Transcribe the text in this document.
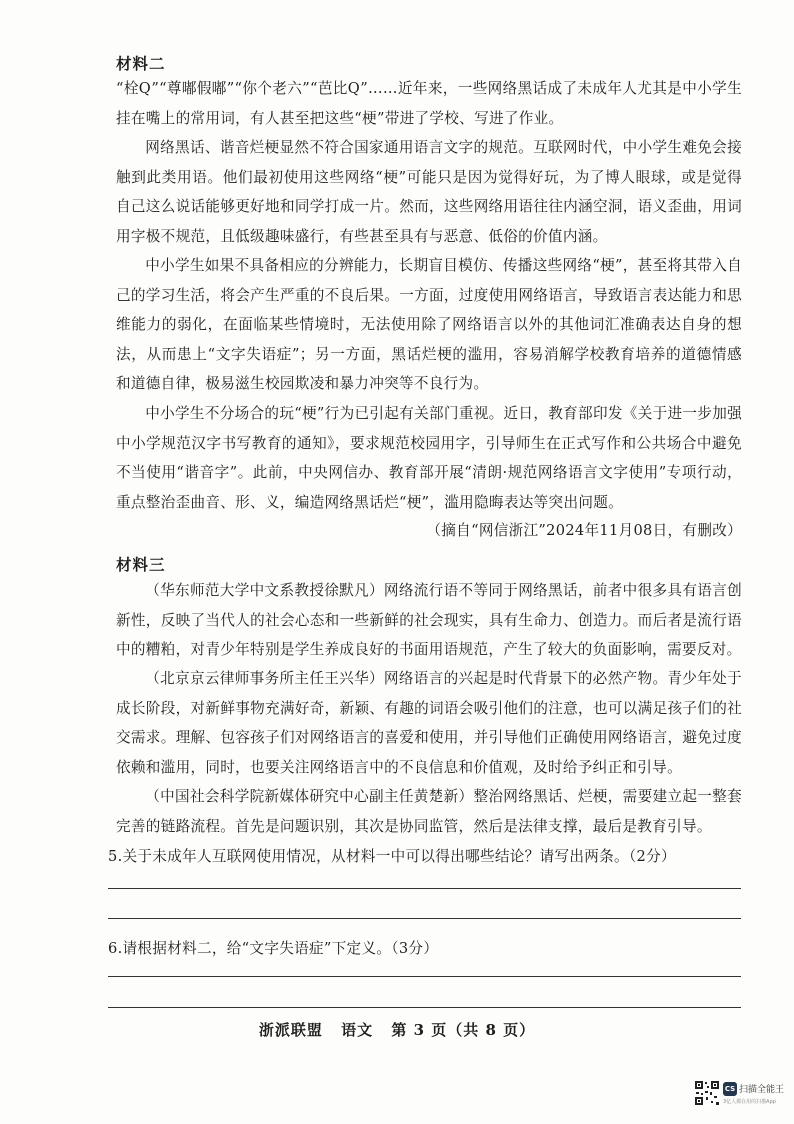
材料二
“栓Q”“尊嘟假嘟”“你个老六”“芭比Q”……近年来，一些网络黑话成了未成年人尤其是中小学生挂在嘴上的常用词，有人甚至把这些“梗”带进了学校、写进了作业。
网络黑话、谐音烂梗显然不符合国家通用语言文字的规范。互联网时代，中小学生难免会接触到此类用语。他们最初使用这些网络“梗”可能只是因为觉得好玩，为了博人眼球，或是觉得自己这么说话能够更好地和同学打成一片。然而，这些网络用语往往内涵空洞，语义歪曲，用词用字极不规范，且低级趣味盛行，有些甚至具有与恶意、低俗的价值内涵。
中小学生如果不具备相应的分辨能力，长期盲目模仿、传播这些网络“梗”，甚至将其带入自己的学习生活，将会产生严重的不良后果。一方面，过度使用网络语言，导致语言表达能力和思维能力的弱化，在面临某些情境时，无法使用除了网络语言以外的其他词汇准确表达自身的想法，从而患上“文字失语症”；另一方面，黑话烂梗的滥用，容易消解学校教育培养的道德情感和道德自律，极易滋生校园欺凌和暴力冲突等不良行为。
中小学生不分场合的玩“梗”行为已引起有关部门重视。近日，教育部印发《关于进一步加强中小学规范汉字书写教育的通知》，要求规范校园用字，引导师生在正式写作和公共场合中避免不当使用“谐音字”。此前，中央网信办、教育部开展“清朗·规范网络语言文字使用”专项行动，重点整治歪曲音、形、义，编造网络黑话烂“梗”，滥用隐晦表达等突出问题。
（摘自“网信浙江”2024年11月08日，有删改）
材料三
（华东师范大学中文系教授徐默凡）网络流行语不等同于网络黑话，前者中很多具有语言创新性，反映了当代人的社会心态和一些新鲜的社会现实，具有生命力、创造力。而后者是流行语中的糟粕，对青少年特别是学生养成良好的书面用语规范，产生了较大的负面影响，需要反对。
（北京京云律师事务所主任王兴华）网络语言的兴起是时代背景下的必然产物。青少年处于成长阶段，对新鲜事物充满好奇，新颖、有趣的词语会吸引他们的注意，也可以满足孩子们的社交需求。理解、包容孩子们对网络语言的喜爱和使用，并引导他们正确使用网络语言，避免过度依赖和滥用，同时，也要关注网络语言中的不良信息和价值观，及时给予纠正和引导。
（中国社会科学院新媒体研究中心副主任黄楚新）整治网络黑话、烂梗，需要建立起一整套完善的链路流程。首先是问题识别，其次是协同监管，然后是法律支撑，最后是教育引导。
5.关于未成年人互联网使用情况，从材料一中可以得出哪些结论？请写出两条。（2分）
6.请根据材料二，给“文字失语症”下定义。（3分）
浙派联盟 语文 第 3 页（共 8 页）
CS 扫描全能王
3亿人都在用的扫描App
